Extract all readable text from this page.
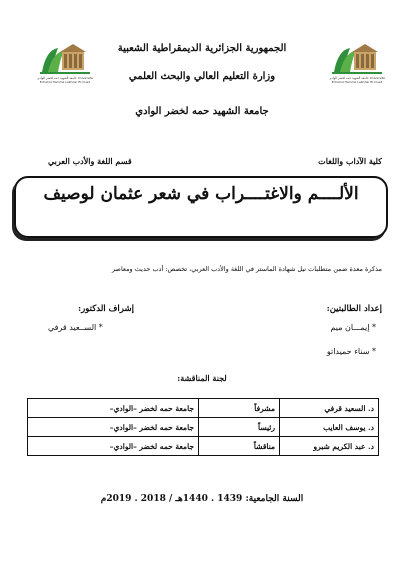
جامعة الشهيد حمه لخضر الوادي Université Echahid Hamma Lakhdar El-Oued
جامعة الشهيد حمه لخضر الوادي Université Echahid Hamma Lakhdar El-Oued
الجمهورية الجزائرية الديمقراطية الشعبية
وزارة التعليم العالي والبحث العلمي
جامعة الشهيد حمه لخضر الوادي
كلية الآداب واللغات
قسم اللغة والأدب العربي
الألــــم والاغتــــراب في شعر عثمان لوصيف
مذكرة معدة ضمن متطلبات نيل شهادة الماستر في اللغة والأدب العربي، تخصص: أدب حديث ومعاصر
إعداد الطالبتين:
إشراف الدكتور:
* إيمـــان ميم
* سناء حميداتو
* الســعيد قرفي
لجنة المناقشة:
د. السعيد قرفي	مشرفاً	جامعة حمه لخضر –الوادي–
د. يوسف العايب	رئيساً	جامعة حمه لخضر –الوادي–
د. عبد الكريم شبرو	مناقشاً	جامعة حمه لخضر –الوادي–
السنة الجامعية: 1439 . 1440هـ / 2018 . 2019م
